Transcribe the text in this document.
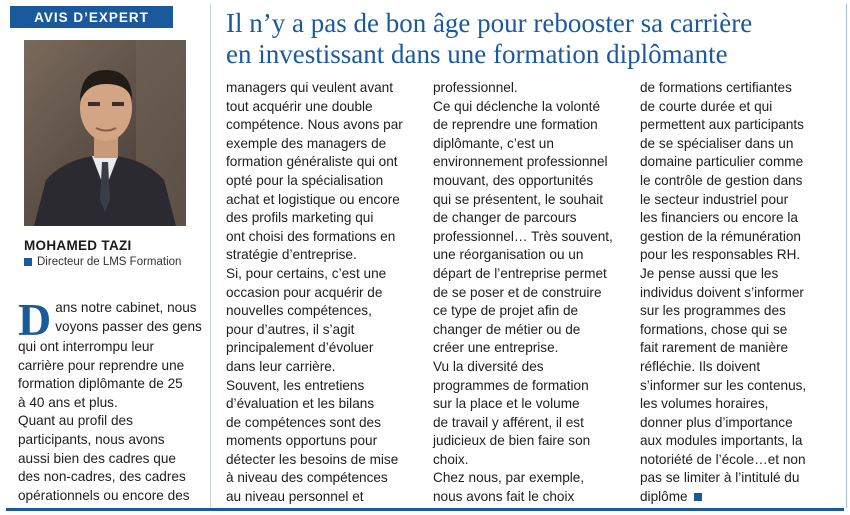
AVIS D’EXPERT
MOHAMED TAZI
Directeur de LMS Formation
Il n’y a pas de bon âge pour rebooster sa carrière
en investissant dans une formation diplômante
D ans notre cabinet, nous
voyons passer des gens
qui ont interrompu leur
carrière pour reprendre une
formation diplômante de 25
à 40 ans et plus.
Quant au profil des
participants, nous avons
aussi bien des cadres que
des non-cadres, des cadres
opérationnels ou encore des
managers qui veulent avant
tout acquérir une double
compétence. Nous avons par
exemple des managers de
formation généraliste qui ont
opté pour la spécialisation
achat et logistique ou encore
des profils marketing qui
ont choisi des formations en
stratégie d’entreprise.
Si, pour certains, c’est une
occasion pour acquérir de
nouvelles compétences,
pour d’autres, il s’agit
principalement d’évoluer
dans leur carrière.
Souvent, les entretiens
d’évaluation et les bilans
de compétences sont des
moments opportuns pour
détecter les besoins de mise
à niveau des compétences
au niveau personnel et
professionnel.
Ce qui déclenche la volonté
de reprendre une formation
diplômante, c’est un
environnement professionnel
mouvant, des opportunités
qui se présentent, le souhait
de changer de parcours
professionnel… Très souvent,
une réorganisation ou un
départ de l’entreprise permet
de se poser et de construire
ce type de projet afin de
changer de métier ou de
créer une entreprise.
Vu la diversité des
programmes de formation
sur la place et le volume
de travail y afférent, il est
judicieux de bien faire son
choix.
Chez nous, par exemple,
nous avons fait le choix
de formations certifiantes
de courte durée et qui
permettent aux participants
de se spécialiser dans un
domaine particulier comme
le contrôle de gestion dans
le secteur industriel pour
les financiers ou encore la
gestion de la rémunération
pour les responsables RH.
Je pense aussi que les
individus doivent s’informer
sur les programmes des
formations, chose qui se
fait rarement de manière
réfléchie. Ils doivent
s’informer sur les contenus,
les volumes horaires,
donner plus d’importance
aux modules importants, la
notoriété de l’école…et non
pas se limiter à l’intitulé du
diplôme
